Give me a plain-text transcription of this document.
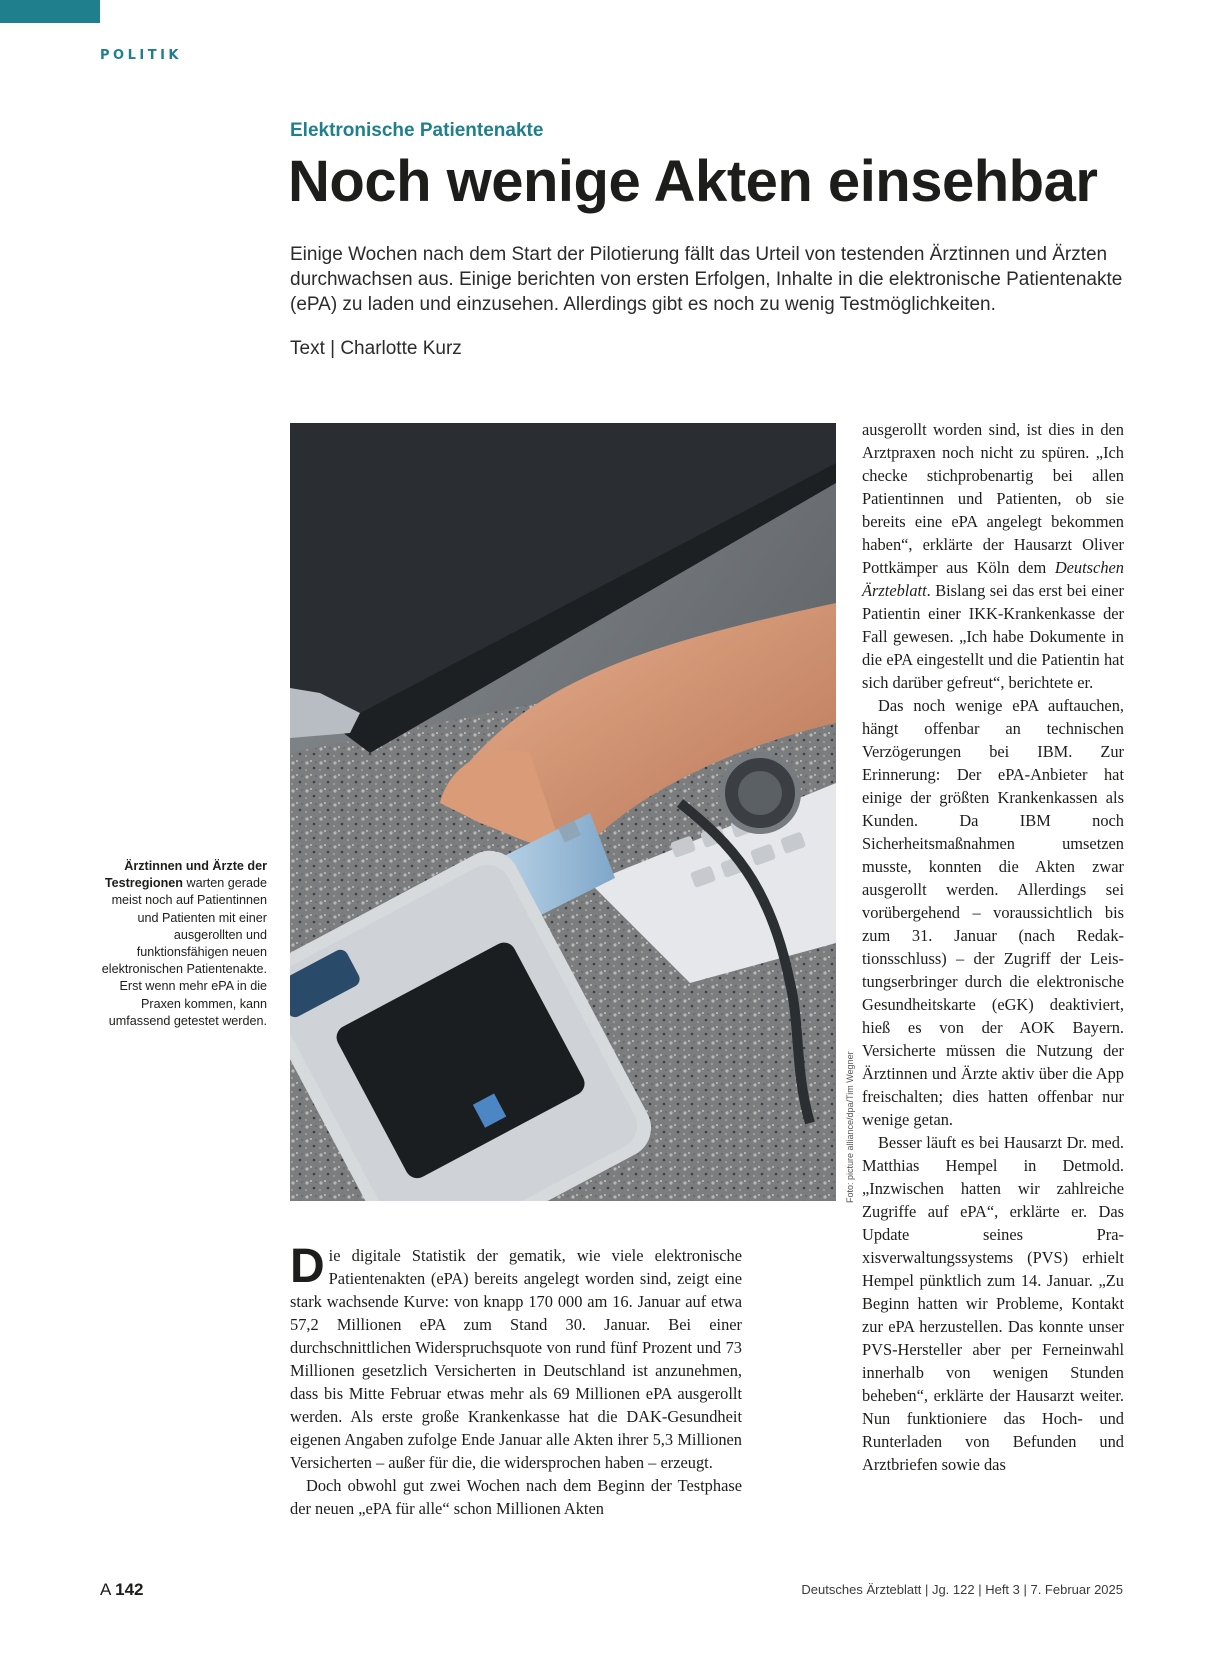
POLITIK
Elektronische Patientenakte
Noch wenige Akten einsehbar

Einige Wochen nach dem Start der Pilotierung fällt das Urteil von testenden Ärztinnen und Ärzten durchwachsen aus. Einige berichten von ersten Erfolgen, Inhalte in die elektronische Patientenakte (ePA) zu laden und einzusehen. Allerdings gibt es noch zu wenig Testmöglichkeiten.

Text | Charlotte Kurz
Foto: picture alliance/dpa/Tim Wegner
Ärztinnen und Ärzte der Testregionen warten gerade meist noch auf Patientinnen und Patienten mit einer ausgerollten und funktionsfähigen neuen elektronischen Patientenakte. Erst wenn mehr ePA in die Praxen kommen, kann umfassend getestet werden.

Die digitale Statistik der gematik, wie viele elektronische Patientenakten (ePA) bereits angelegt worden sind, zeigt eine stark wachsende Kurve: von knapp 170 000 am 16. Januar auf etwa 57,2 Millionen ePA zum Stand 30. Januar. Bei einer durchschnittlichen Widerspruchsquote von rund fünf Prozent und 73 Millionen gesetzlich Versicherten in Deutschland ist anzunehmen, dass bis Mitte Februar etwas mehr als 69 Millionen ePA ausgerollt werden. Als erste große Krankenkasse hat die DAK-Gesundheit eigenen Angaben zufolge Ende Januar alle Akten ihrer 5,3 Millionen Versicherten – außer für die, die widersprochen haben – erzeugt.

Doch obwohl gut zwei Wochen nach dem Beginn der Testphase der neuen „ePA für alle“ schon Millionen Akten

ausgerollt worden sind, ist dies in den Arztpraxen noch nicht zu spüren. „Ich checke stichprobenartig bei allen Patientinnen und Patienten, ob sie bereits eine ePA angelegt bekommen haben“, erklärte der Hausarzt Oliver Pottkämper aus Köln dem Deutschen Ärzteblatt. Bislang sei das erst bei einer Patientin einer IKK-Krankenkasse der Fall gewesen. „Ich habe Dokumente in die ePA eingestellt und die Patientin hat sich darüber gefreut“, berichtete er.

Das noch wenige ePA auftauchen, hängt offenbar an technischen Verzögerungen bei IBM. Zur Erinnerung: Der ePA-Anbieter hat einige der größten Krankenkassen als Kunden. Da IBM noch Sicherheitsmaßnahmen umsetzen musste, konnten die Akten zwar ausgerollt werden. Allerdings sei vorübergehend – voraussichtlich bis zum 31. Januar (nach Redaktionsschluss) – der Zugriff der Leistungserbringer durch die elektronische Gesundheitskarte (eGK) deaktiviert, hieß es von der AOK Bayern. Versicherte müssen die Nutzung der Ärztinnen und Ärzte aktiv über die App freischalten; dies hatten offenbar nur wenige getan.

Besser läuft es bei Hausarzt Dr. med. Matthias Hempel in Detmold. „Inzwischen hatten wir zahlreiche Zugriffe auf ePA“, erklärte er. Das Update seines Praxisverwaltungssystems (PVS) erhielt Hempel pünktlich zum 14. Januar. „Zu Beginn hatten wir Probleme, Kontakt zur ePA herzustellen. Das konnte unser PVS-Hersteller aber per Ferneinwahl innerhalb von wenigen Stunden beheben“, erklärte der Hausarzt weiter. Nun funktioniere das Hoch- und Runterladen von Befunden und Arztbriefen sowie das

A 142	Deutsches Ärzteblatt | Jg. 122 | Heft 3 | 7. Februar 2025
